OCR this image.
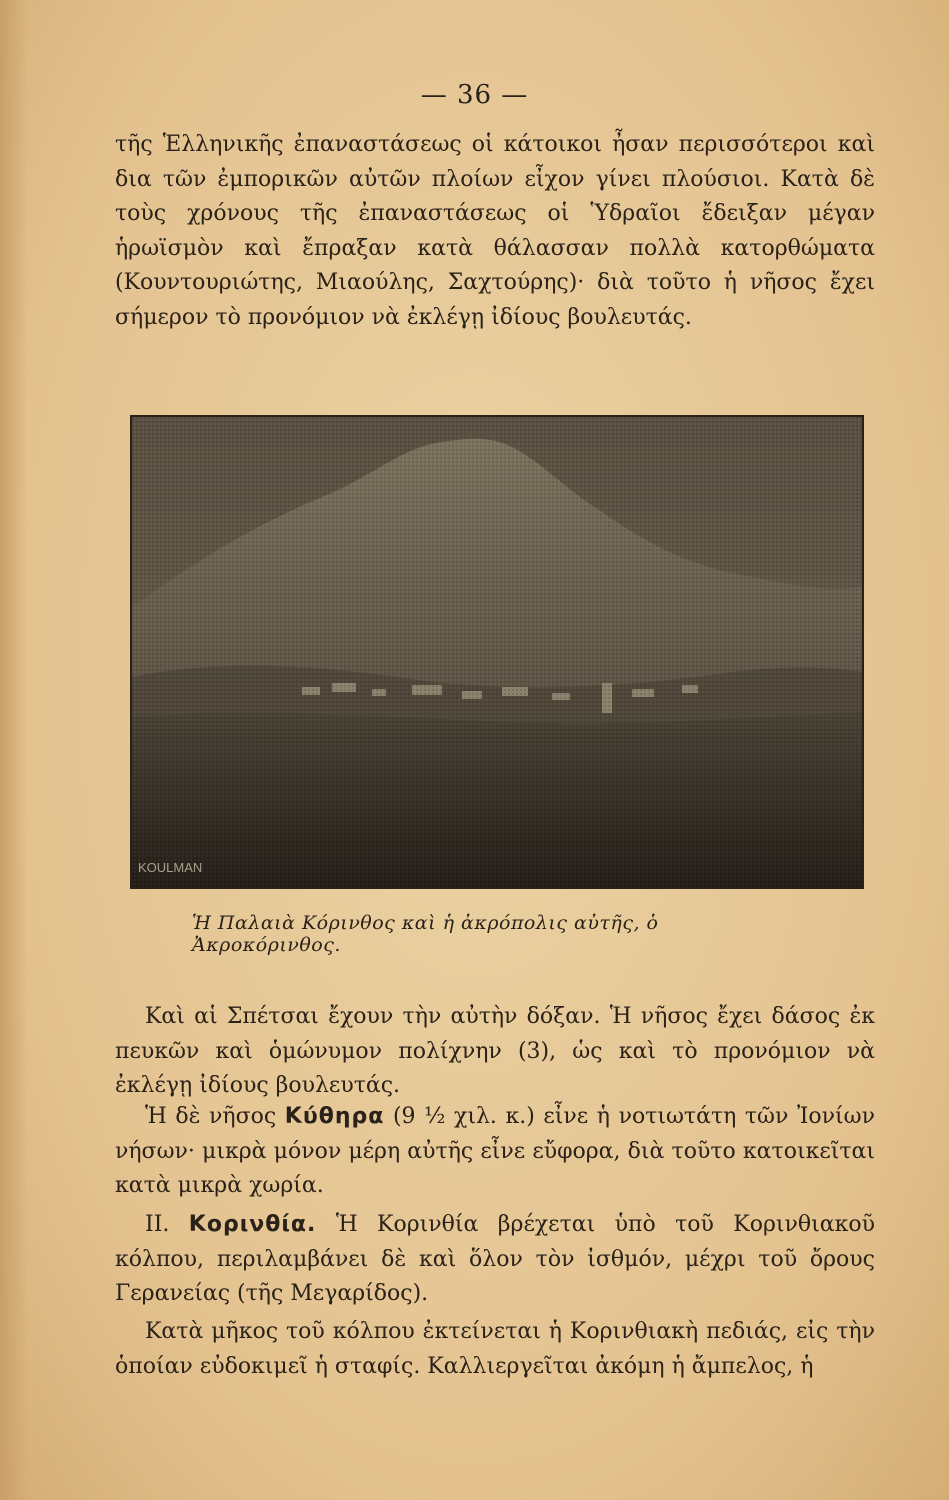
— 36 —

τῆς Ἑλληνικῆς ἐπαναστάσεως οἱ κάτοικοι ἦσαν περισσότεροι καὶ δια τῶν ἐμπορικῶν αὐτῶν πλοίων εἶχον γίνει πλούσιοι. Κατὰ δὲ τοὺς χρόνους τῆς ἐπαναστάσεως οἱ Ὑδραῖοι ἔδειξαν μέγαν ἡρωϊσμὸν καὶ ἔπραξαν κατὰ θάλασσαν πολλὰ κατορθώματα (Κουντουριώτης, Μιαούλης, Σαχτούρης)· διὰ τοῦτο ἡ νῆσος ἔχει σήμερον τὸ προνόμιον νὰ ἐκλέγῃ ἰδίους βουλευτάς.

KOULMAN
Ἡ Παλαιὰ Κόρινθος καὶ ἡ ἀκρόπολις αὐτῆς, ὁ Ἀκροκόρινθος.

Καὶ αἱ Σπέτσαι ἔχουν τὴν αὐτὴν δόξαν. Ἡ νῆσος ἔχει δάσος ἐκ πευκῶν καὶ ὁμώνυμον πολίχνην (3), ὡς καὶ τὸ προνόμιον νὰ ἐκλέγῃ ἰδίους βουλευτάς.

Ἡ δὲ νῆσος Κύθηρα (9 ½ χιλ. κ.) εἶνε ἡ νοτιωτάτη τῶν Ἰονίων νήσων· μικρὰ μόνον μέρη αὐτῆς εἶνε εὔφορα, διὰ τοῦτο κατοικεῖται κατὰ μικρὰ χωρία.

II. Κορινθία. Ἡ Κορινθία βρέχεται ὑπὸ τοῦ Κορινθιακοῦ κόλπου, περιλαμβάνει δὲ καὶ ὅλον τὸν ἰσθμόν, μέχρι τοῦ ὄρους Γερανείας (τῆς Μεγαρίδος).

Κατὰ μῆκος τοῦ κόλπου ἐκτείνεται ἡ Κορινθιακὴ πεδιάς, εἰς τὴν ὁποίαν εὐδοκιμεῖ ἡ σταφίς. Καλλιεργεῖται ἀκόμη ἡ ἄμπελος, ἡ
